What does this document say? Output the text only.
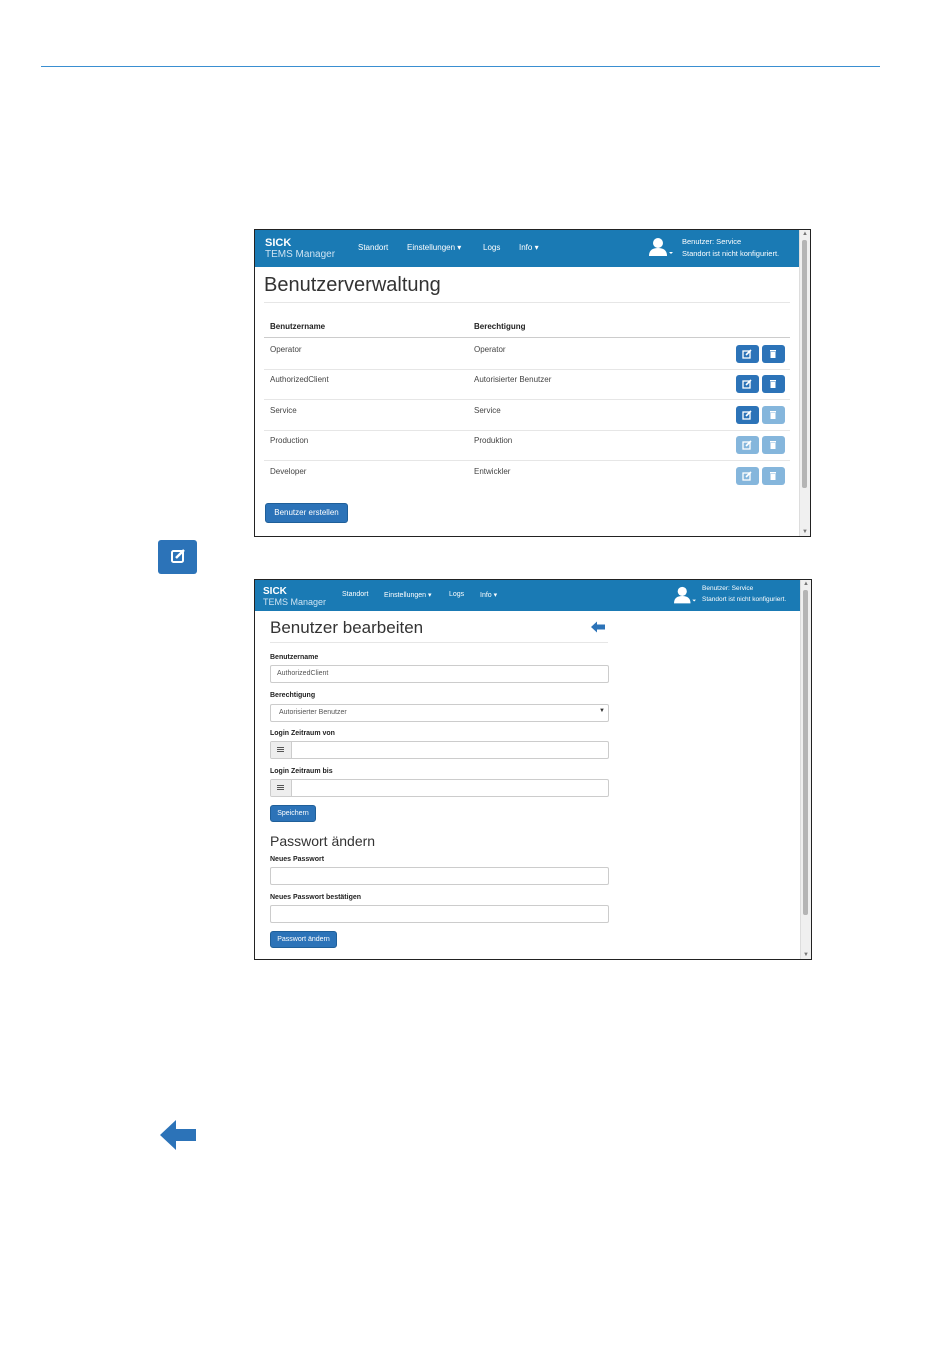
SICK
TEMS Manager
Standort Einstellungen ▾	Logs Info ▾
Benutzer: Service
Standort ist nicht konfiguriert.
Benutzerverwaltung
Benutzername	Berechtigung
Operator	Operator
AuthorizedClient	Autorisierter Benutzer
Service	Service
Production	Produktion
Developer	Entwickler
Benutzer erstellen
▲
▼
SICK
TEMS Manager
Standort Einstellungen ▾	Logs Info ▾
Benutzer: Service
Standort ist nicht konfiguriert.
Benutzer bearbeiten
Benutzername
AuthorizedClient
Berechtigung
Autorisierter Benutzer	▼
Login Zeitraum von
Login Zeitraum bis
Speichern
Passwort ändern
Neues Passwort
Neues Passwort bestätigen
Passwort ändern
▲
▼
